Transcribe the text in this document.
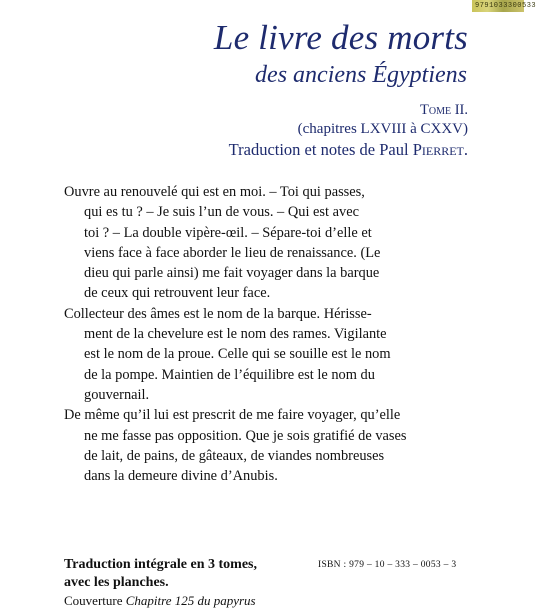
9791033300533
Le livre des morts
des anciens Égyptiens
Tome II.
(chapitres LXVIII à CXXV)
Traduction et notes de Paul Pierret.

Ouvre au renouvelé qui est en moi. – Toi qui passes,
qui es tu ? – Je suis l’un de vous. – Qui est avec
toi ? – La double vipère-œil. – Sépare-toi d’elle et
viens face à face aborder le lieu de renaissance. (Le
dieu qui parle ainsi) me fait voyager dans la barque
de ceux qui retrouvent leur face.

Collecteur des âmes est le nom de la barque. Hérisse-
ment de la chevelure est le nom des rames. Vigilante
est le nom de la proue. Celle qui se souille est le nom
de la pompe. Maintien de l’équilibre est le nom du
gouvernail.

De même qu’il lui est prescrit de me faire voyager, qu’elle
ne me fasse pas opposition. Que je sois gratifié de vases
de lait, de pains, de gâteaux, de viandes nombreuses
dans la demeure divine d’Anubis.

Traduction intégrale en 3 tomes,
avec les planches.
Couverture Chapitre 125 du papyrus
ISBN : 979 – 10 – 333 – 0053 – 3
